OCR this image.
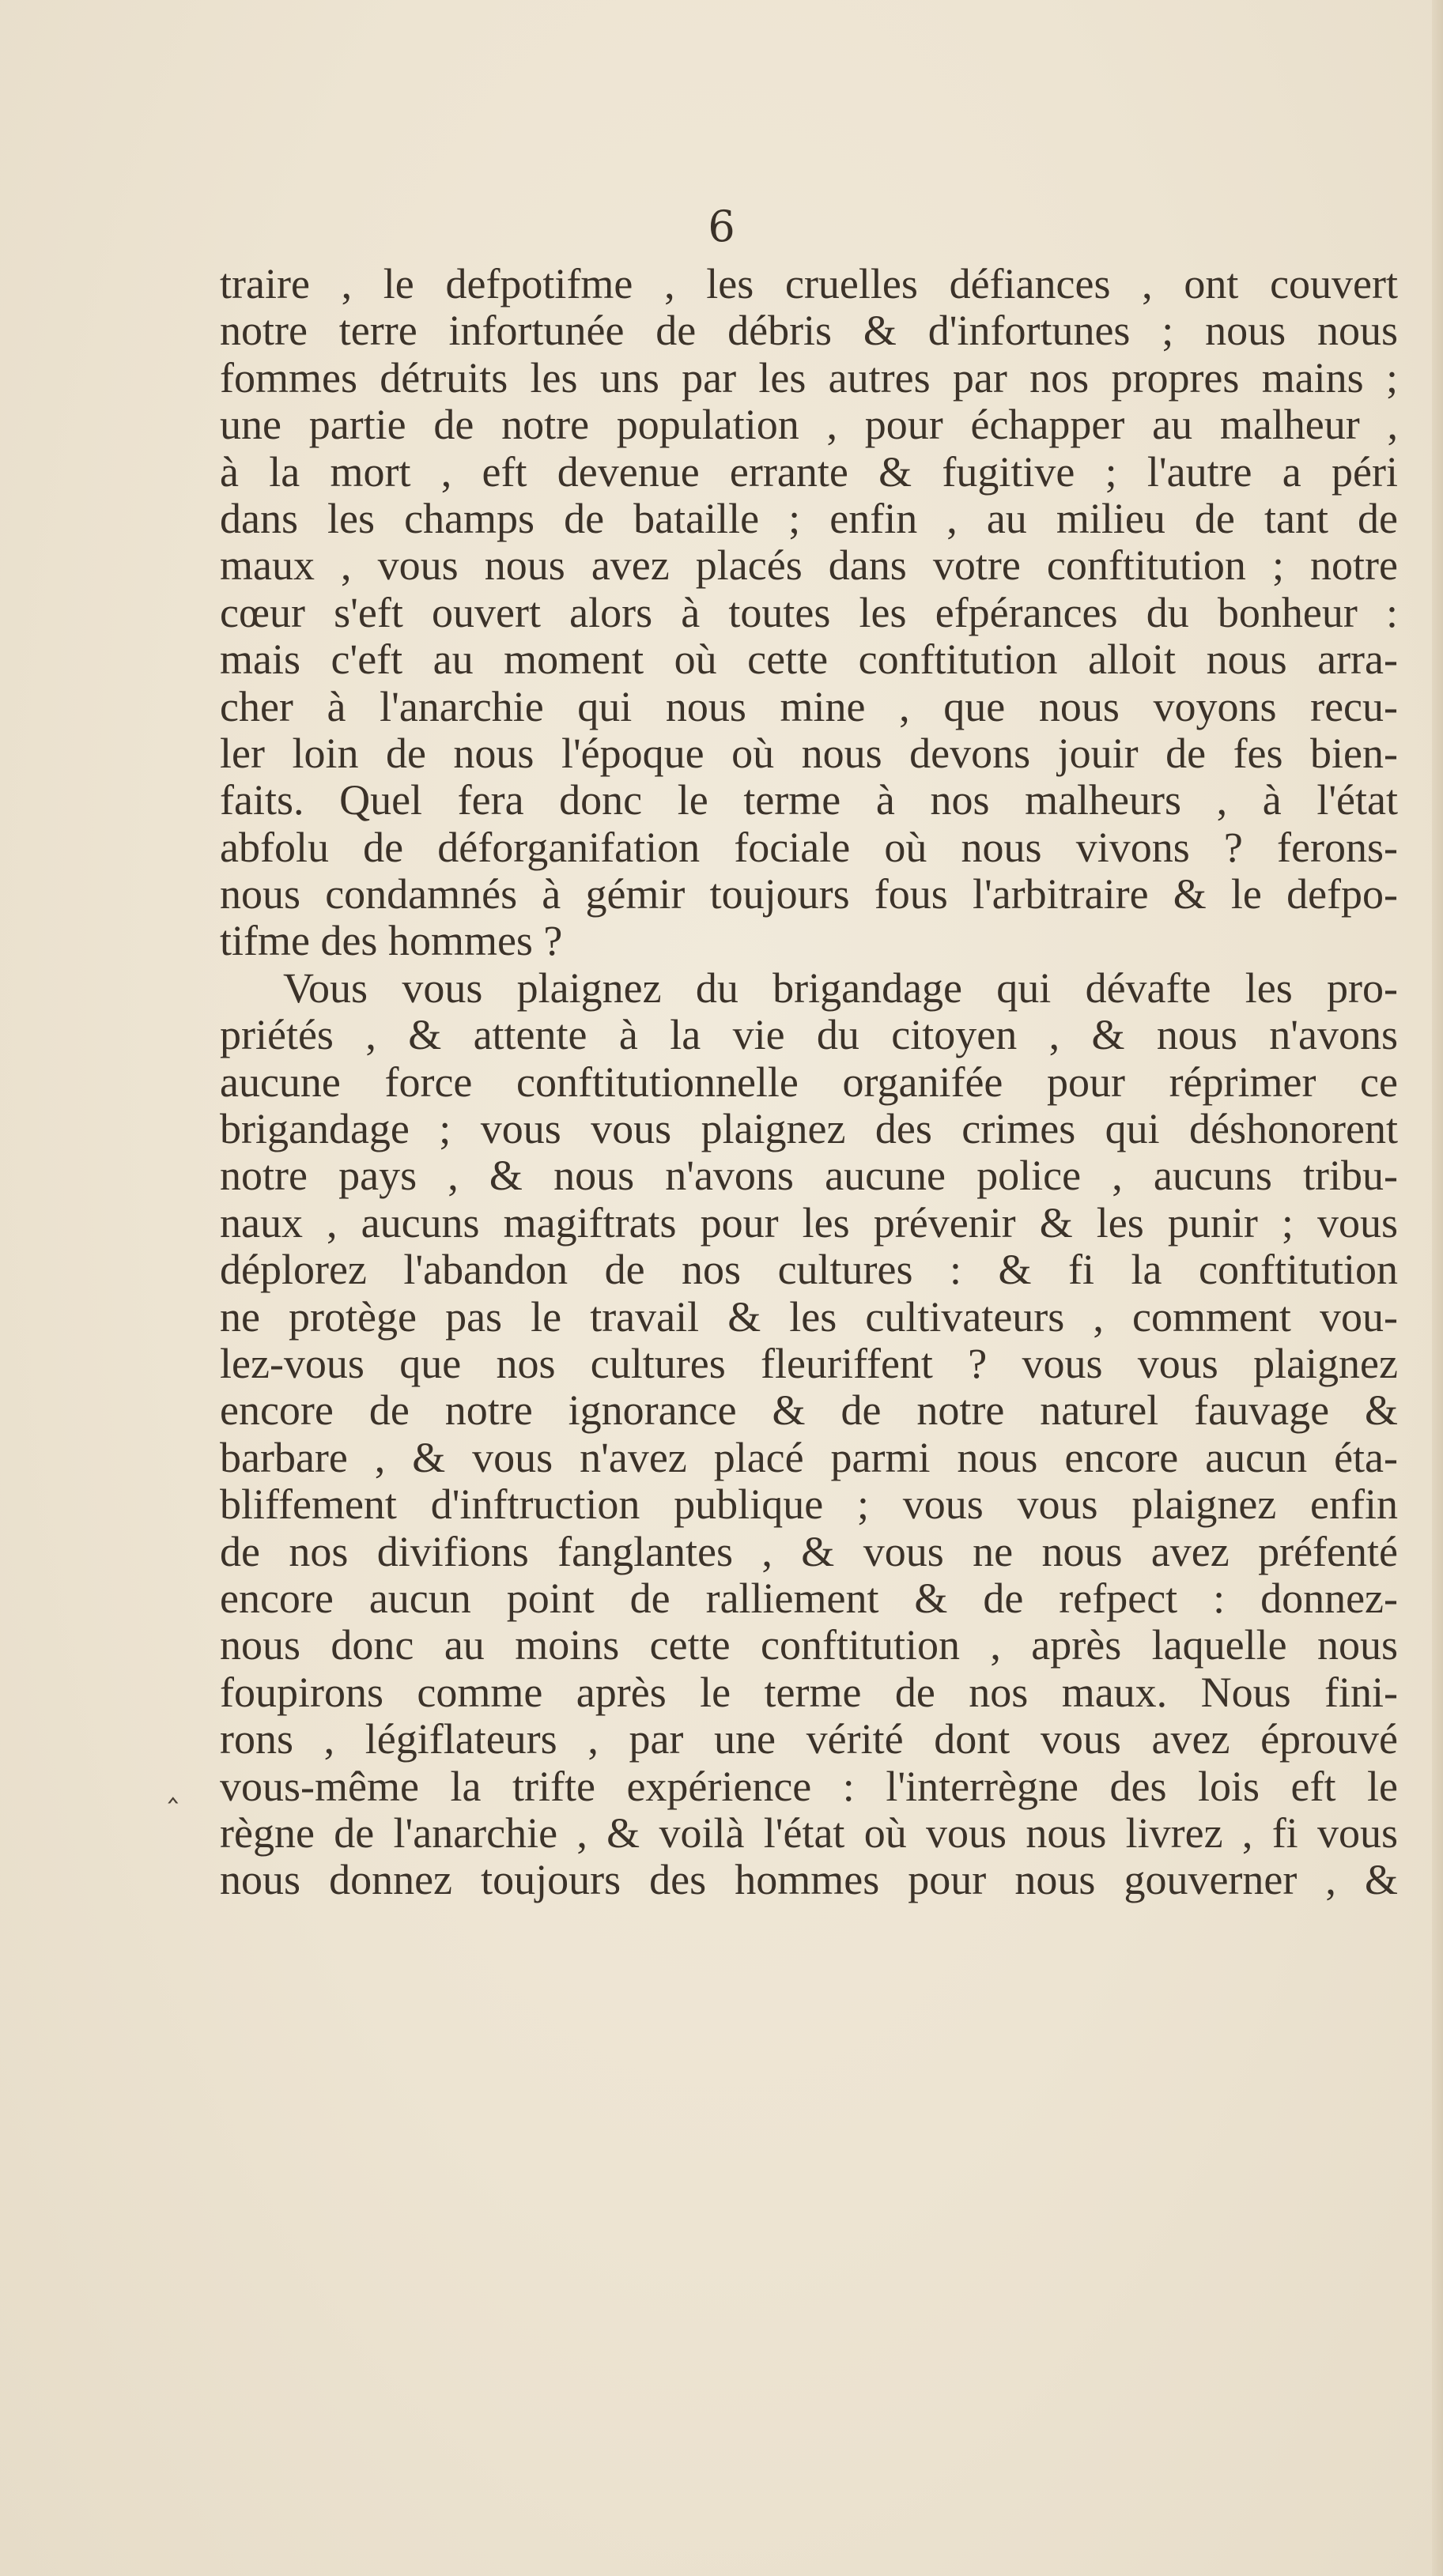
6
‸
traire , le defpotifme , les cruelles défiances , ont couvert
notre terre infortunée de débris & d'infortunes ; nous nous
fommes détruits les uns par les autres par nos propres mains ;
une partie de notre population , pour échapper au malheur ,
à la mort , eft devenue errante & fugitive ; l'autre a péri
dans les champs de bataille ; enfin , au milieu de tant de
maux , vous nous avez placés dans votre conftitution ; notre
cœur s'eft ouvert alors à toutes les efpérances du bonheur :
mais c'eft au moment où cette conftitution alloit nous arra-
cher à l'anarchie qui nous mine , que nous voyons recu-
ler loin de nous l'époque où nous devons jouir de fes bien-
faits. Quel fera donc le terme à nos malheurs , à l'état
abfolu de déforganifation fociale où nous vivons ? ferons-
nous condamnés à gémir toujours fous l'arbitraire & le defpo-
tifme des hommes ?
Vous vous plaignez du brigandage qui dévafte les pro-
priétés , & attente à la vie du citoyen , & nous n'avons
aucune force conftitutionnelle organifée pour réprimer ce
brigandage ; vous vous plaignez des crimes qui déshonorent
notre pays , & nous n'avons aucune police , aucuns tribu-
naux , aucuns magiftrats pour les prévenir & les punir ; vous
déplorez l'abandon de nos cultures : & fi la conftitution
ne protège pas le travail & les cultivateurs , comment vou-
lez-vous que nos cultures fleuriffent ? vous vous plaignez
encore de notre ignorance & de notre naturel fauvage &
barbare , & vous n'avez placé parmi nous encore aucun éta-
bliffement d'inftruction publique ; vous vous plaignez enfin
de nos divifions fanglantes , & vous ne nous avez préfenté
encore aucun point de ralliement & de refpect : donnez-
nous donc au moins cette conftitution , après laquelle nous
foupirons comme après le terme de nos maux. Nous fini-
rons , légiflateurs , par une vérité dont vous avez éprouvé
vous-même la trifte expérience : l'interrègne des lois eft le
règne de l'anarchie , & voilà l'état où vous nous livrez , fi vous
nous donnez toujours des hommes pour nous gouverner , &
